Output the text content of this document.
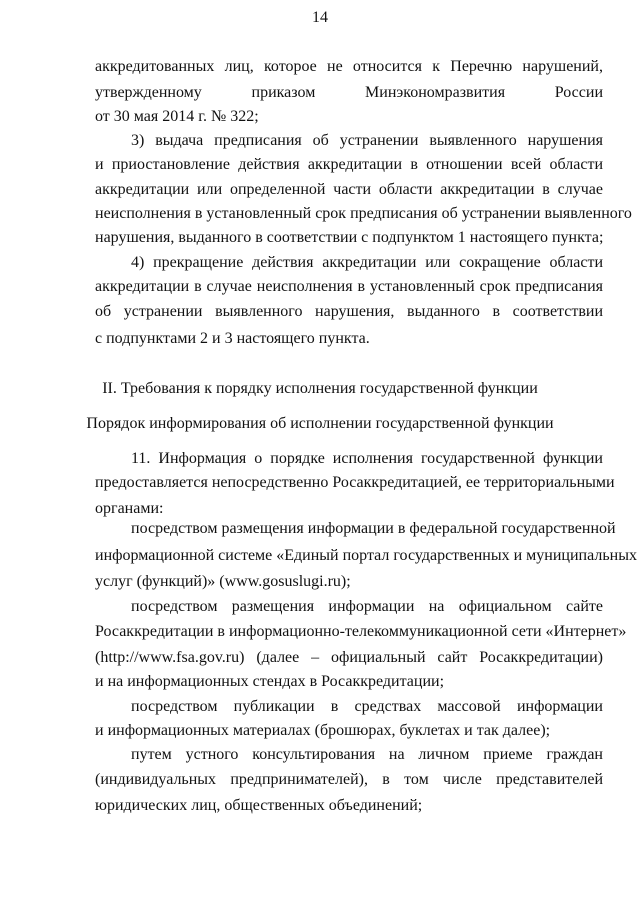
14
аккредитованных лиц, которое не относится к Перечню нарушений,
утвержденному приказом Минэкономразвития России
от 30 мая 2014 г. № 322;
3) выдача предписания об устранении выявленного нарушения
и приостановление действия аккредитации в отношении всей области
аккредитации или определенной части области аккредитации в случае
неисполнения в установленный срок предписания об устранении выявленного
нарушения, выданного в соответствии с подпунктом 1 настоящего пункта;
4) прекращение действия аккредитации или сокращение области
аккредитации в случае неисполнения в установленный срок предписания
об устранении выявленного нарушения, выданного в соответствии
с подпунктами 2 и 3 настоящего пункта.
II. Требования к порядку исполнения государственной функции
Порядок информирования об исполнении государственной функции
11. Информация о порядке исполнения государственной функции
предоставляется непосредственно Росаккредитацией, ее территориальными
органами:
посредством размещения информации в федеральной государственной
информационной системе «Единый портал государственных и муниципальных
услуг (функций)» (www.gosuslugi.ru);
посредством размещения информации на официальном сайте
Росаккредитации в информационно-телекоммуникационной сети «Интернет»
(http://www.fsa.gov.ru) (далее – официальный сайт Росаккредитации)
и на информационных стендах в Росаккредитации;
посредством публикации в средствах массовой информации
и информационных материалах (брошюрах, буклетах и так далее);
путем устного консультирования на личном приеме граждан
(индивидуальных предпринимателей), в том числе представителей
юридических лиц, общественных объединений;
